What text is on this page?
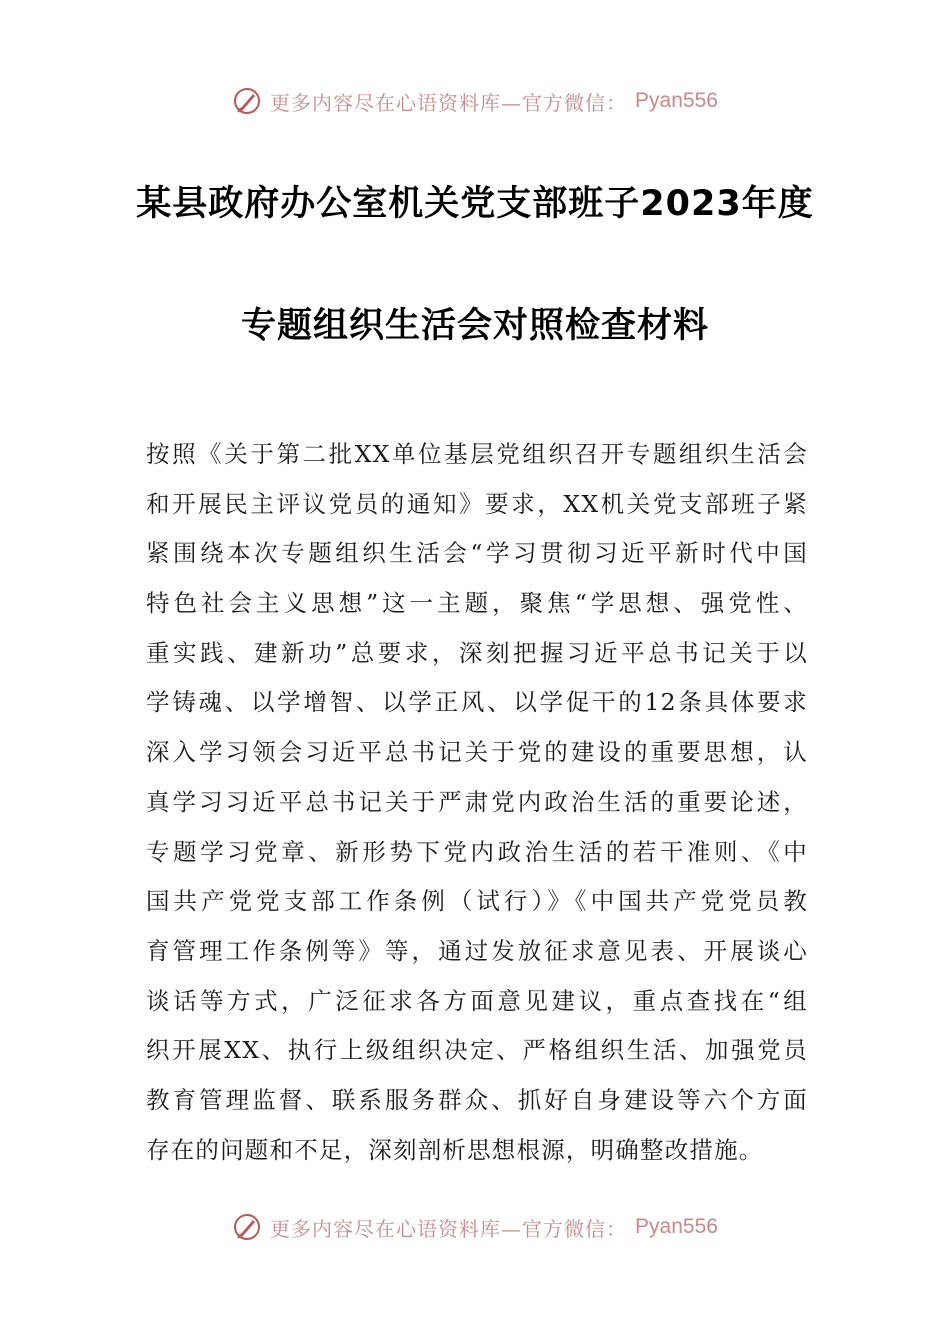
更多内容尽在心语资料库—官方微信： Pyan556
某县政府办公室机关党支部班子2023年度
专题组织生活会对照检查材料
按照《关于第二批XX单位基层党组织召开专题组织生活会
和开展民主评议党员的通知》要求，XX机关党支部班子紧
紧围绕本次专题组织生活会“学习贯彻习近平新时代中国
特色社会主义思想”这一主题，聚焦“学思想、强党性、
重实践、建新功”总要求，深刻把握习近平总书记关于以
学铸魂、以学增智、以学正风、以学促干的12条具体要求
深入学习领会习近平总书记关于党的建设的重要思想，认
真学习习近平总书记关于严肃党内政治生活的重要论述，
专题学习党章、新形势下党内政治生活的若干准则、《中
国共产党党支部工作条例（试行）》《中国共产党党员教
育管理工作条例等》等，通过发放征求意见表、开展谈心
谈话等方式，广泛征求各方面意见建议，重点查找在“组
织开展XX、执行上级组织决定、严格组织生活、加强党员
教育管理监督、联系服务群众、抓好自身建设等六个方面
存在的问题和不足，深刻剖析思想根源，明确整改措施。
更多内容尽在心语资料库—官方微信： Pyan556
